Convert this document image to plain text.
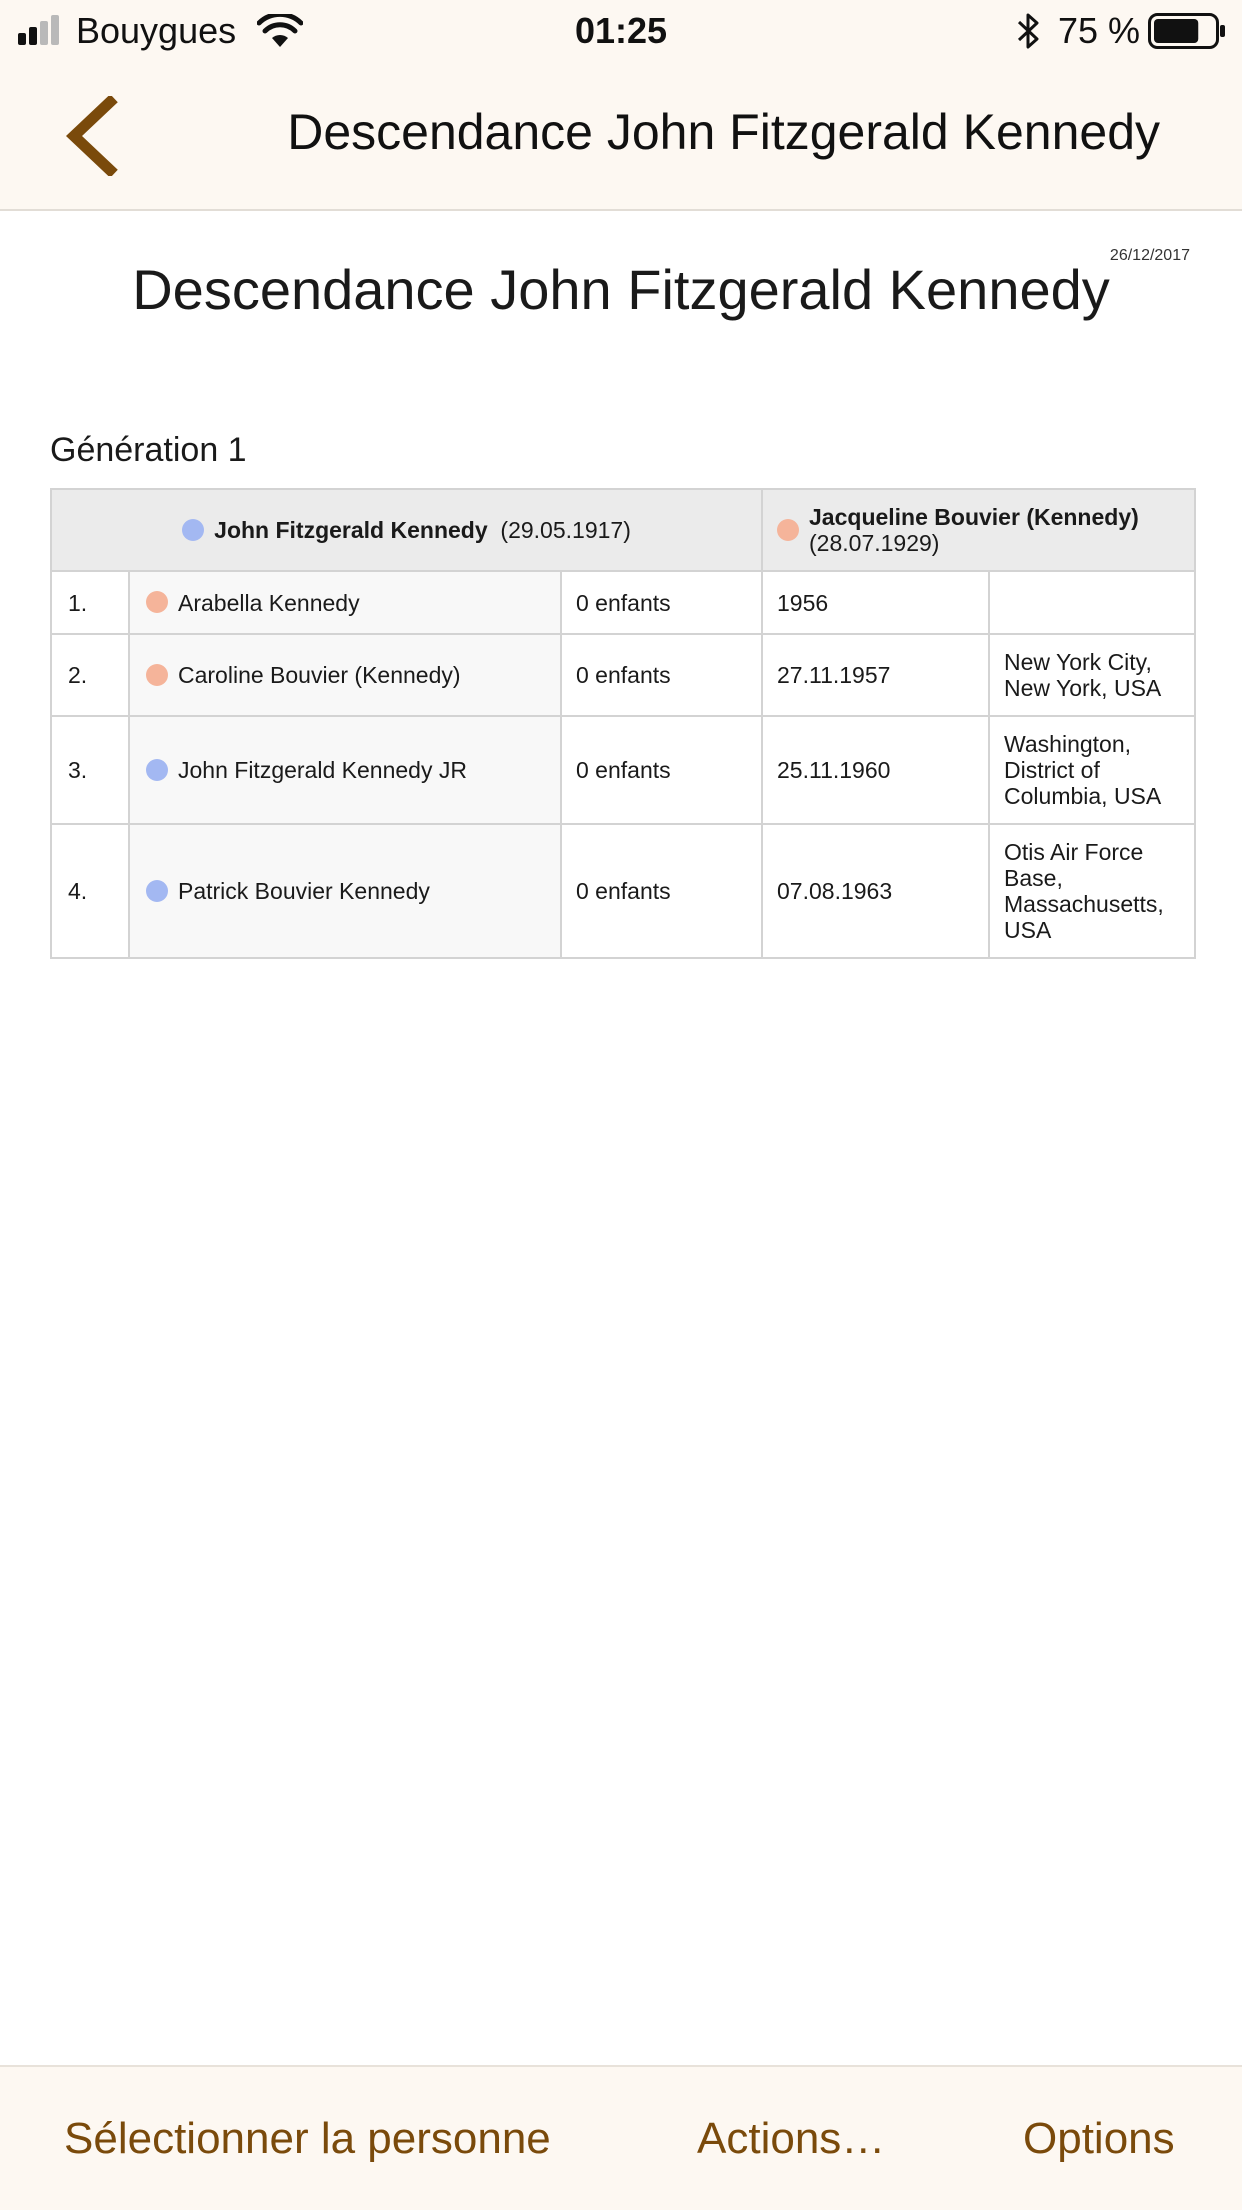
Bouygues	01:25	75 %
Descendance John Fitzgerald Kennedy
26/12/2017
Descendance John Fitzgerald Kennedy
Génération 1
John Fitzgerald Kennedy (29.05.1917)			Jacqueline Bouvier (Kennedy)
(28.07.1929)	

1.	Arabella Kennedy	0 enfants	1956	
2.	Caroline Bouvier (Kennedy)	0 enfants	27.11.1957	New York City, New York, USA
3.	John Fitzgerald Kennedy JR	0 enfants	25.11.1960	Washington, District of Columbia, USA
4.	Patrick Bouvier Kennedy	0 enfants	07.08.1963	Otis Air Force Base, Massachusetts, USA
Sélectionner la personne	Actions…	Options
